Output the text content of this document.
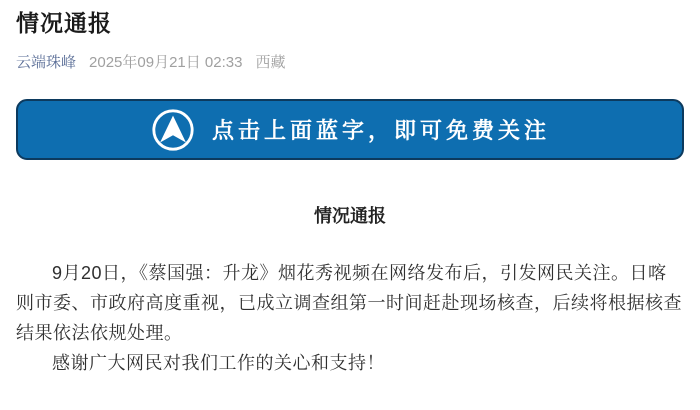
情况通报
云端珠峰 2025年09月21日 02:33 西藏
点击上面蓝字，即可免费关注
情况通报
9月20日，《蔡国强：升龙》烟花秀视频在网络发布后，引发网民关注。日喀
则市委、市政府高度重视，已成立调查组第一时间赶赴现场核查，后续将根据核查
结果依法依规处理。
感谢广大网民对我们工作的关心和支持！
